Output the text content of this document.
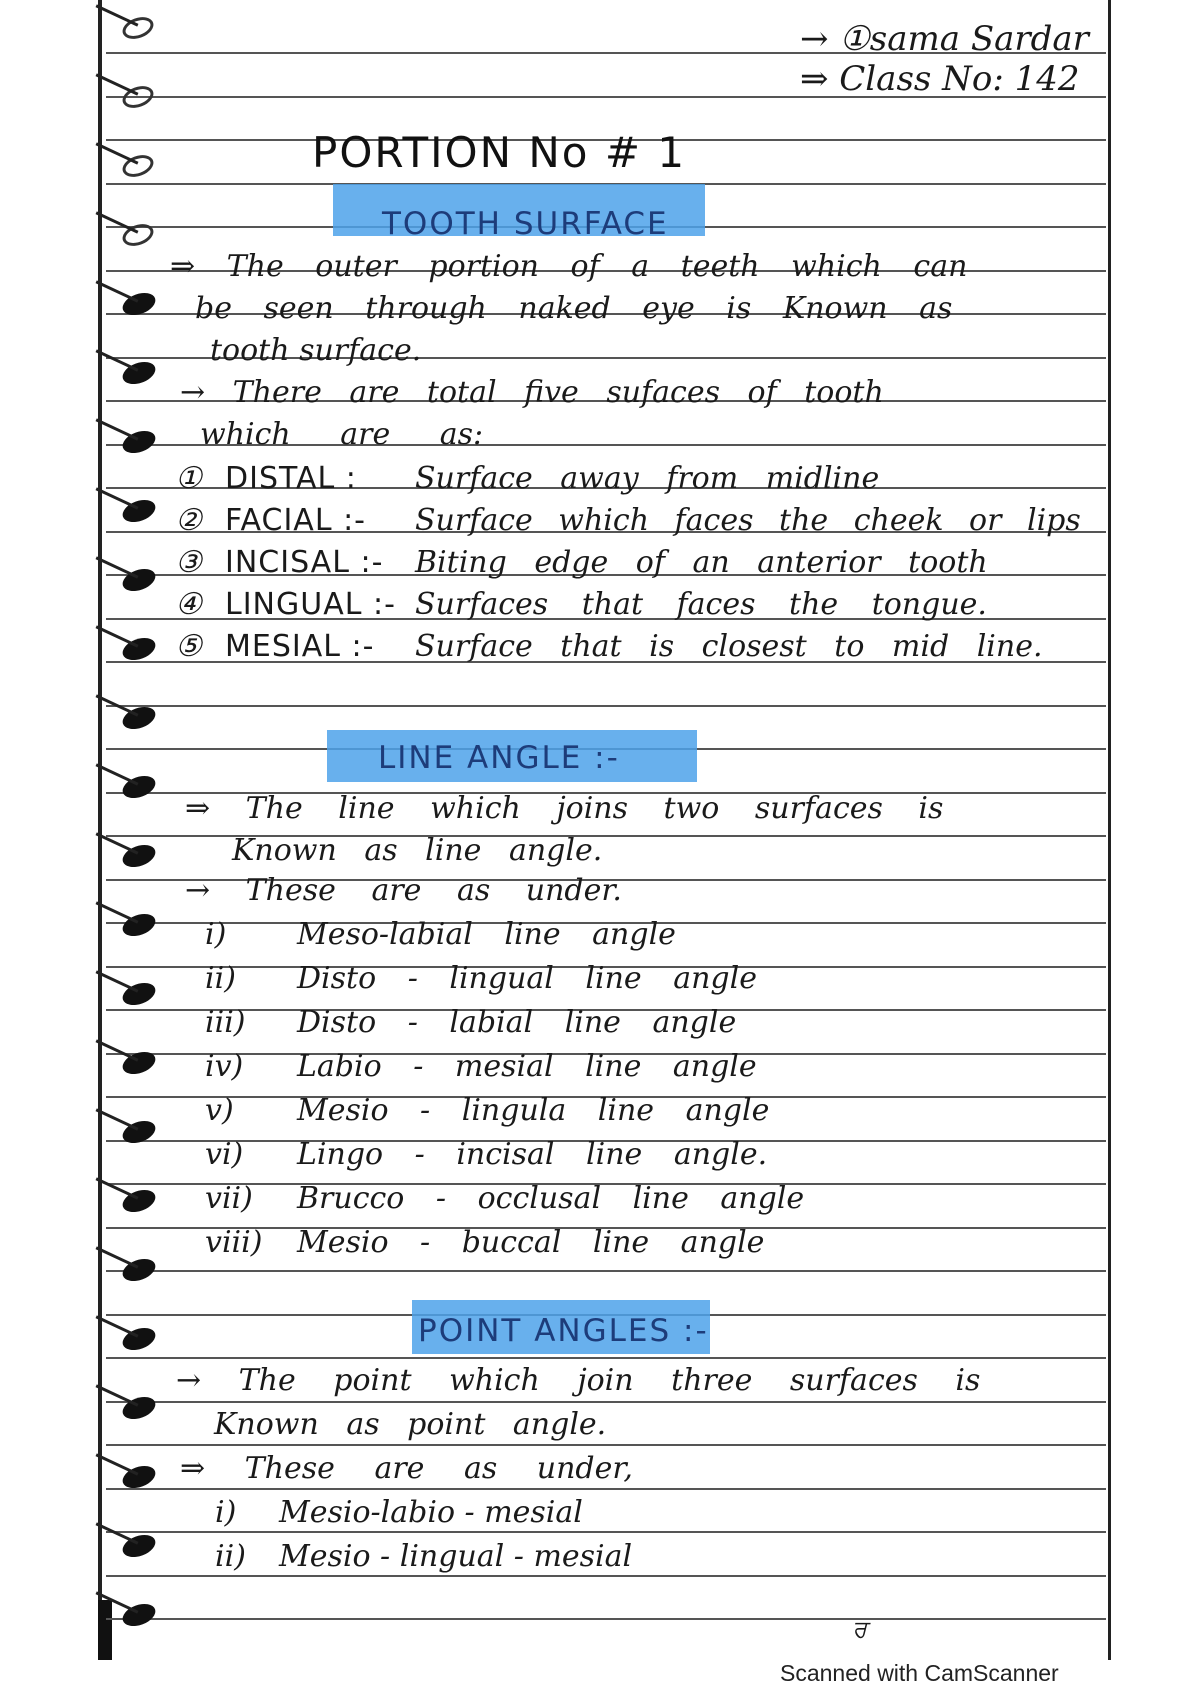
→ ①sama Sardar
⇒ Class No: 142
PORTION No # 1
TOOTH SURFACE
⇒ The outer portion of a teeth which can
be seen through naked eye is Known as
tooth surface.
→ There are total five sufaces of tooth
which are as:
① DISTAL : Surface away from midline
② FACIAL :- Surface which faces the cheek or lips
③ INCISAL :- Biting edge of an anterior tooth
④ LINGUAL :- Surfaces that faces the tongue.
⑤ MESIAL :- Surface that is closest to mid line.
LINE ANGLE :-
⇒ The line which joins two surfaces is
Known as line angle.
→ These are as under.
i) Meso-labial line angle
ii) Disto - lingual line angle
iii) Disto - labial line angle
iv) Labio - mesial line angle
v) Mesio - lingula line angle
vi) Lingo - incisal line angle.
vii) Brucco - occlusal line angle
viii) Mesio - buccal line angle
POINT ANGLES :-
→ The point which join three surfaces is
Known as point angle.
⇒ These are as under,
i) Mesio-labio - mesial
ii) Mesio - lingual - mesial
ਰ
Scanned with CamScanner
